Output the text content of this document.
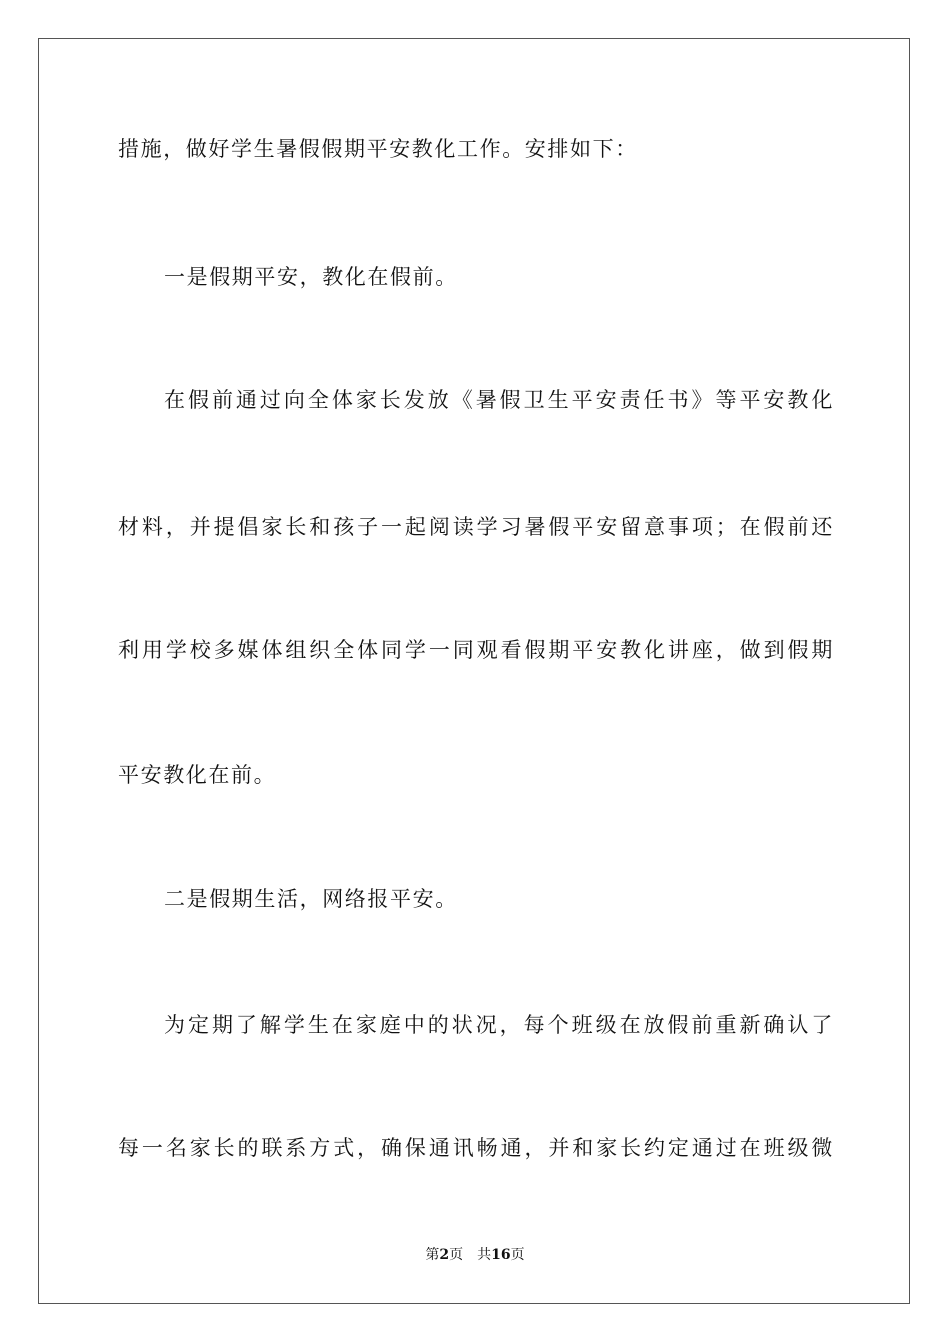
措施，做好学生暑假假期平安教化工作。安排如下：
一是假期平安，教化在假前。
在假前通过向全体家长发放《暑假卫生平安责任书》等平安教化
材料，并提倡家长和孩子一起阅读学习暑假平安留意事项；在假前还
利用学校多媒体组织全体同学一同观看假期平安教化讲座，做到假期
平安教化在前。
二是假期生活，网络报平安。
为定期了解学生在家庭中的状况，每个班级在放假前重新确认了
每一名家长的联系方式，确保通讯畅通，并和家长约定通过在班级微
第2页 共16页
